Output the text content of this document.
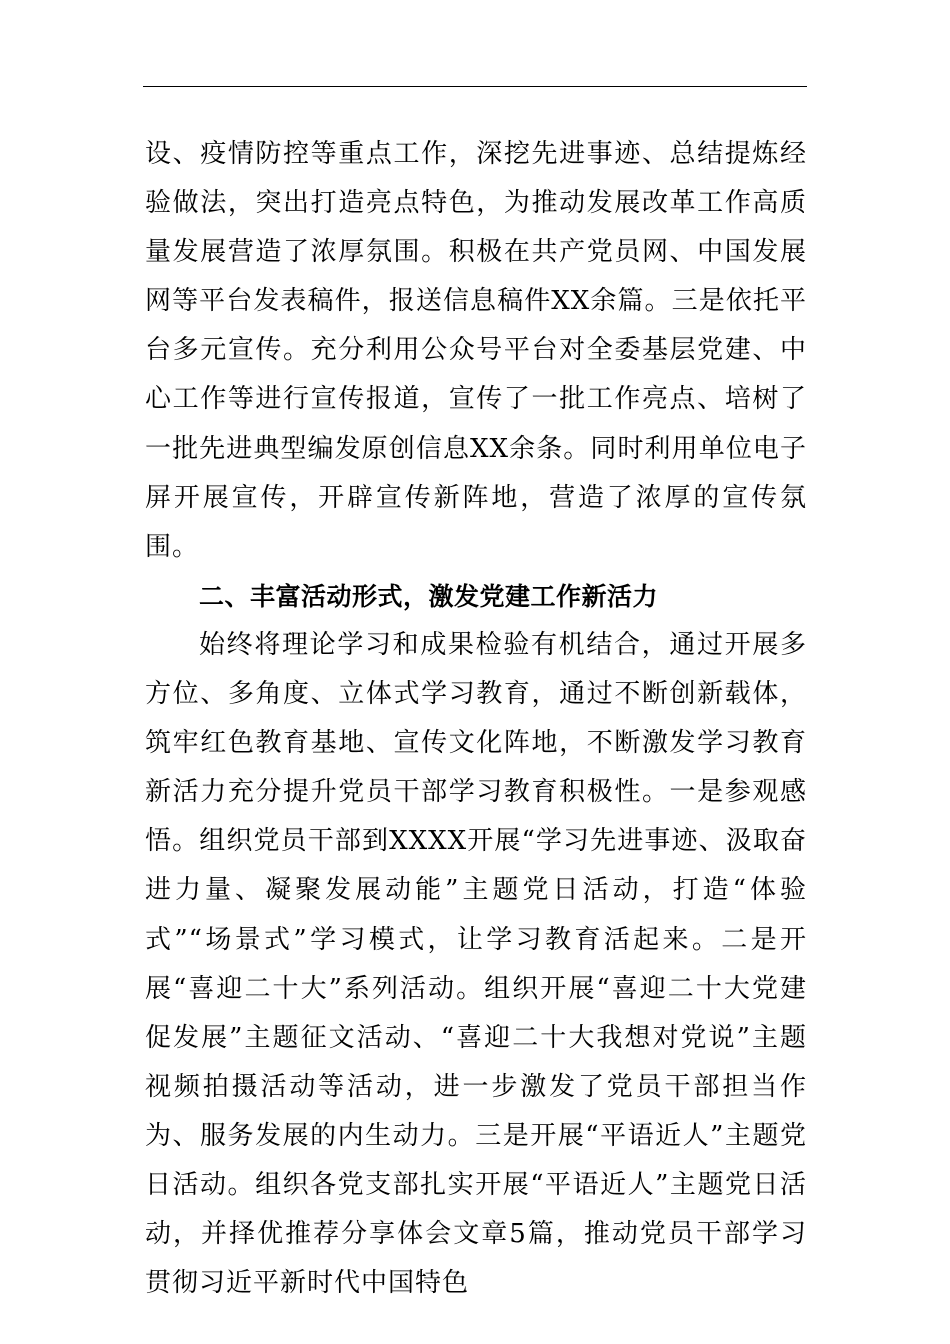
设、疫情防控等重点工作，深挖先进事迹、总结提炼经验做法，突出打造亮点特色，为推动发展改革工作高质量发展营造了浓厚氛围。积极在共产党员网、中国发展网等平台发表稿件，报送信息稿件XX余篇。三是依托平台多元宣传。充分利用公众号平台对全委基层党建、中心工作等进行宣传报道，宣传了一批工作亮点、培树了一批先进典型编发原创信息XX余条。同时利用单位电子屏开展宣传，开辟宣传新阵地，营造了浓厚的宣传氛围。

二、丰富活动形式，激发党建工作新活力

始终将理论学习和成果检验有机结合，通过开展多方位、多角度、立体式学习教育，通过不断创新载体，筑牢红色教育基地、宣传文化阵地，不断激发学习教育新活力充分提升党员干部学习教育积极性。一是参观感悟。组织党员干部到XXXX开展“学习先进事迹、汲取奋进力量、凝聚发展动能”主题党日活动，打造“体验式”“场景式”学习模式，让学习教育活起来。二是开展“喜迎二十大”系列活动。组织开展“喜迎二十大党建促发展”主题征文活动、“喜迎二十大我想对党说”主题视频拍摄活动等活动，进一步激发了党员干部担当作为、服务发展的内生动力。三是开展“平语近人”主题党日活动。组织各党支部扎实开展“平语近人”主题党日活动，并择优推荐分享体会文章5篇，推动党员干部学习贯彻习近平新时代中国特色
